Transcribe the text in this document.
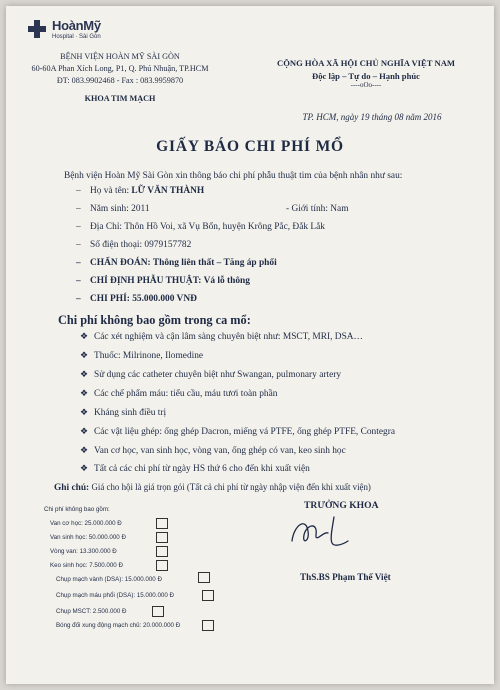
HoànMỹ
Hospital · Sài Gòn
BỆNH VIỆN HOÀN MỸ SÀI GÒN
60-60A Phan Xích Long, P1, Q. Phú Nhuận, TP.HCM
ĐT: 083.9902468 - Fax : 083.9959870
KHOA TIM MẠCH
CỘNG HÒA XÃ HỘI CHỦ NGHĨA VIỆT NAM
Độc lập – Tự do – Hạnh phúc
----oOo----
TP. HCM, ngày 19 tháng 08 năm 2016
GIẤY BÁO CHI PHÍ MỔ
Bệnh viện Hoàn Mỹ Sài Gòn xin thông báo chi phí phẫu thuật tim của bệnh nhân như sau:
– Họ và tên: LỮ VĂN THÀNH
– Năm sinh: 2011	- Giới tính: Nam
– Địa Chỉ: Thôn Hồ Voi, xã Vụ Bổn, huyện Krông Pắc, Đắk Lắk
– Số điện thoại: 0979157782
– CHẨN ĐOÁN: Thông liên thất – Tăng áp phổi
– CHỈ ĐỊNH PHẪU THUẬT: Vá lỗ thông
– CHI PHÍ: 55.000.000 VNĐ
Chi phí không bao gồm trong ca mổ:
❖ Các xét nghiệm và cận lâm sàng chuyên biệt như: MSCT, MRI, DSA…
❖ Thuốc: Milrinone, Ilomedine
❖ Sử dụng các catheter chuyên biệt như Swangan, pulmonary artery
❖ Các chế phẩm máu: tiểu cầu, máu tươi toàn phần
❖ Kháng sinh điều trị
❖ Các vật liệu ghép: ống ghép Dacron, miếng vá PTFE, ống ghép PTFE, Contegra
❖ Van cơ học, van sinh học, vòng van, ống ghép có van, keo sinh học
❖ Tất cả các chi phí từ ngày HS thứ 6 cho đến khi xuất viện
Ghi chú: Giá cho hội là giá trọn gói (Tất cả chi phí từ ngày nhập viện đến khi xuất viện)
TRƯỞNG KHOA
ThS.BS Phạm Thế Việt
Chi phí không bao gồm:
Van cơ học: 25.000.000 Đ
Van sinh học: 50.000.000 Đ
Vòng van: 13.300.000 Đ
Keo sinh học: 7.500.000 Đ
Chụp mạch vành (DSA): 15.000.000 Đ
Chụp mạch máu phổi (DSA): 15.000.000 Đ
Chụp MSCT: 2.500.000 Đ
Bóng đối xung động mạch chủ: 20.000.000 Đ
